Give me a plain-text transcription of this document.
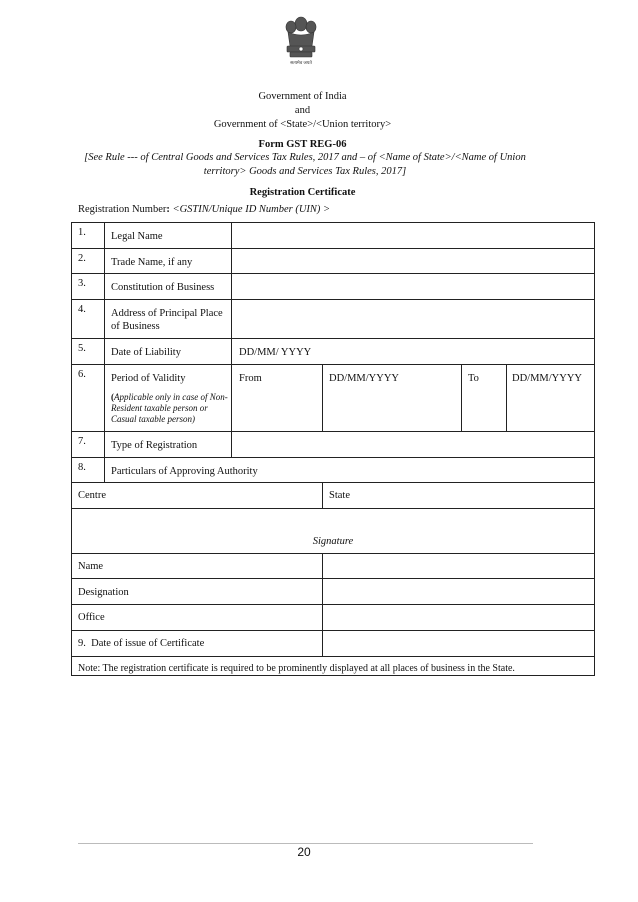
सत्यमेव जयते
Government of India
and
Government of <State>/<Union territory>
Form GST REG-06
[See Rule --- of Central Goods and Services Tax Rules, 2017 and – of <Name of State>/<Name of Union
territory> Goods and Services Tax Rules, 2017]
Registration Certificate
Registration Number: <GSTIN/Unique ID Number (UIN) >
1.	Legal Name
2.	Trade Name, if any
3.	Constitution of Business
4.	Address of Principal Place of Business
5.	Date of Liability	DD/MM/ YYYY
6.	Period of Validity
(Applicable only in case of Non-Resident taxable person or Casual taxable person)
From	DD/MM/YYYY	To	DD/MM/YYYY
7.	Type of Registration
8.	Particulars of Approving Authority
Centre	State
Signature
Name
Designation
Office
9.  Date of issue of Certificate
Note: The registration certificate is required to be prominently displayed at all places of business in the State.
20
